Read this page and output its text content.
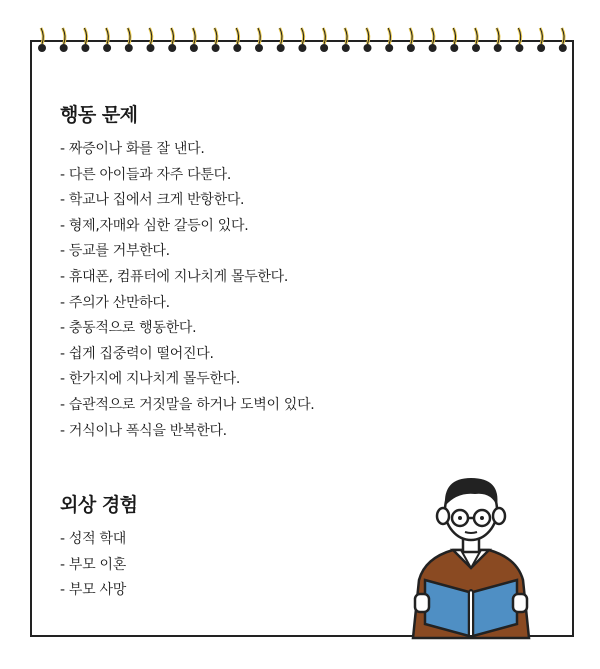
행동 문제
- 짜증이나 화를 잘 낸다.
- 다른 아이들과 자주 다툰다.
- 학교나 집에서 크게 반항한다.
- 형제,자매와 심한 갈등이 있다.
- 등교를 거부한다.
- 휴대폰, 컴퓨터에 지나치게 몰두한다.
- 주의가 산만하다.
- 충동적으로 행동한다.
- 쉽게 집중력이 떨어진다.
- 한가지에 지나치게 몰두한다.
- 습관적으로 거짓말을 하거나 도벽이 있다.
- 거식이나 폭식을 반복한다.
외상 경험
- 성적 학대
- 부모 이혼
- 부모 사망
